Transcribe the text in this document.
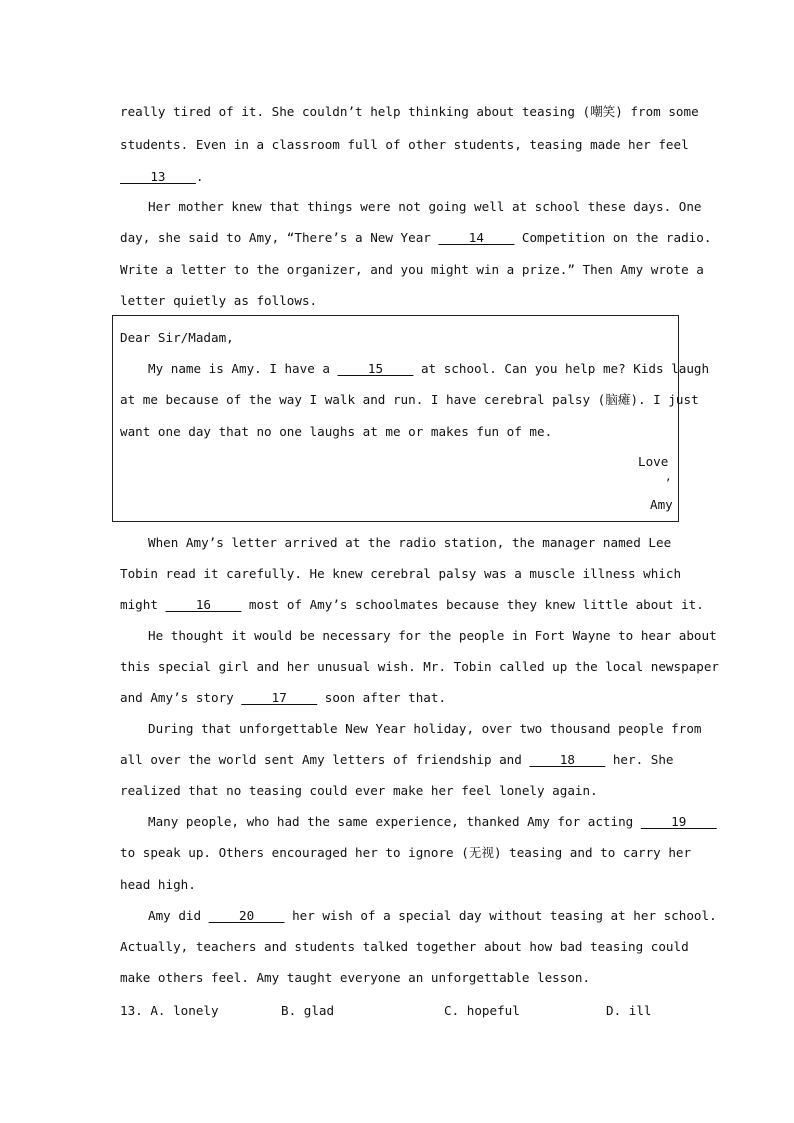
really tired of it. She couldn’t help thinking about teasing (嘲笑) from some
students. Even in a classroom full of other students, teasing made her feel
____13____.
Her mother knew that things were not going well at school these days. One
day, she said to Amy, “There’s a New Year ____14____ Competition on the radio.
Write a letter to the organizer, and you might win a prize.” Then Amy wrote a
letter quietly as follows.
Dear Sir/Madam,
My name is Amy. I have a ____15____ at school. Can you help me? Kids laugh
at me because of the way I walk and run. I have cerebral palsy (脑瘫). I just
want one day that no one laughs at me or makes fun of me.
Love
,
Amy
When Amy’s letter arrived at the radio station, the manager named Lee
Tobin read it carefully. He knew cerebral palsy was a muscle illness which
might ____16____ most of Amy’s schoolmates because they knew little about it.
He thought it would be necessary for the people in Fort Wayne to hear about
this special girl and her unusual wish. Mr. Tobin called up the local newspaper
and Amy’s story ____17____ soon after that.
During that unforgettable New Year holiday, over two thousand people from
all over the world sent Amy letters of friendship and ____18____ her. She
realized that no teasing could ever make her feel lonely again.
Many people, who had the same experience, thanked Amy for acting ____19____
to speak up. Others encouraged her to ignore (无视) teasing and to carry her
head high.
Amy did ____20____ her wish of a special day without teasing at her school.
Actually, teachers and students talked together about how bad teasing could
make others feel. Amy taught everyone an unforgettable lesson.
13. A. lonely	B. glad	C. hopeful	D. ill
